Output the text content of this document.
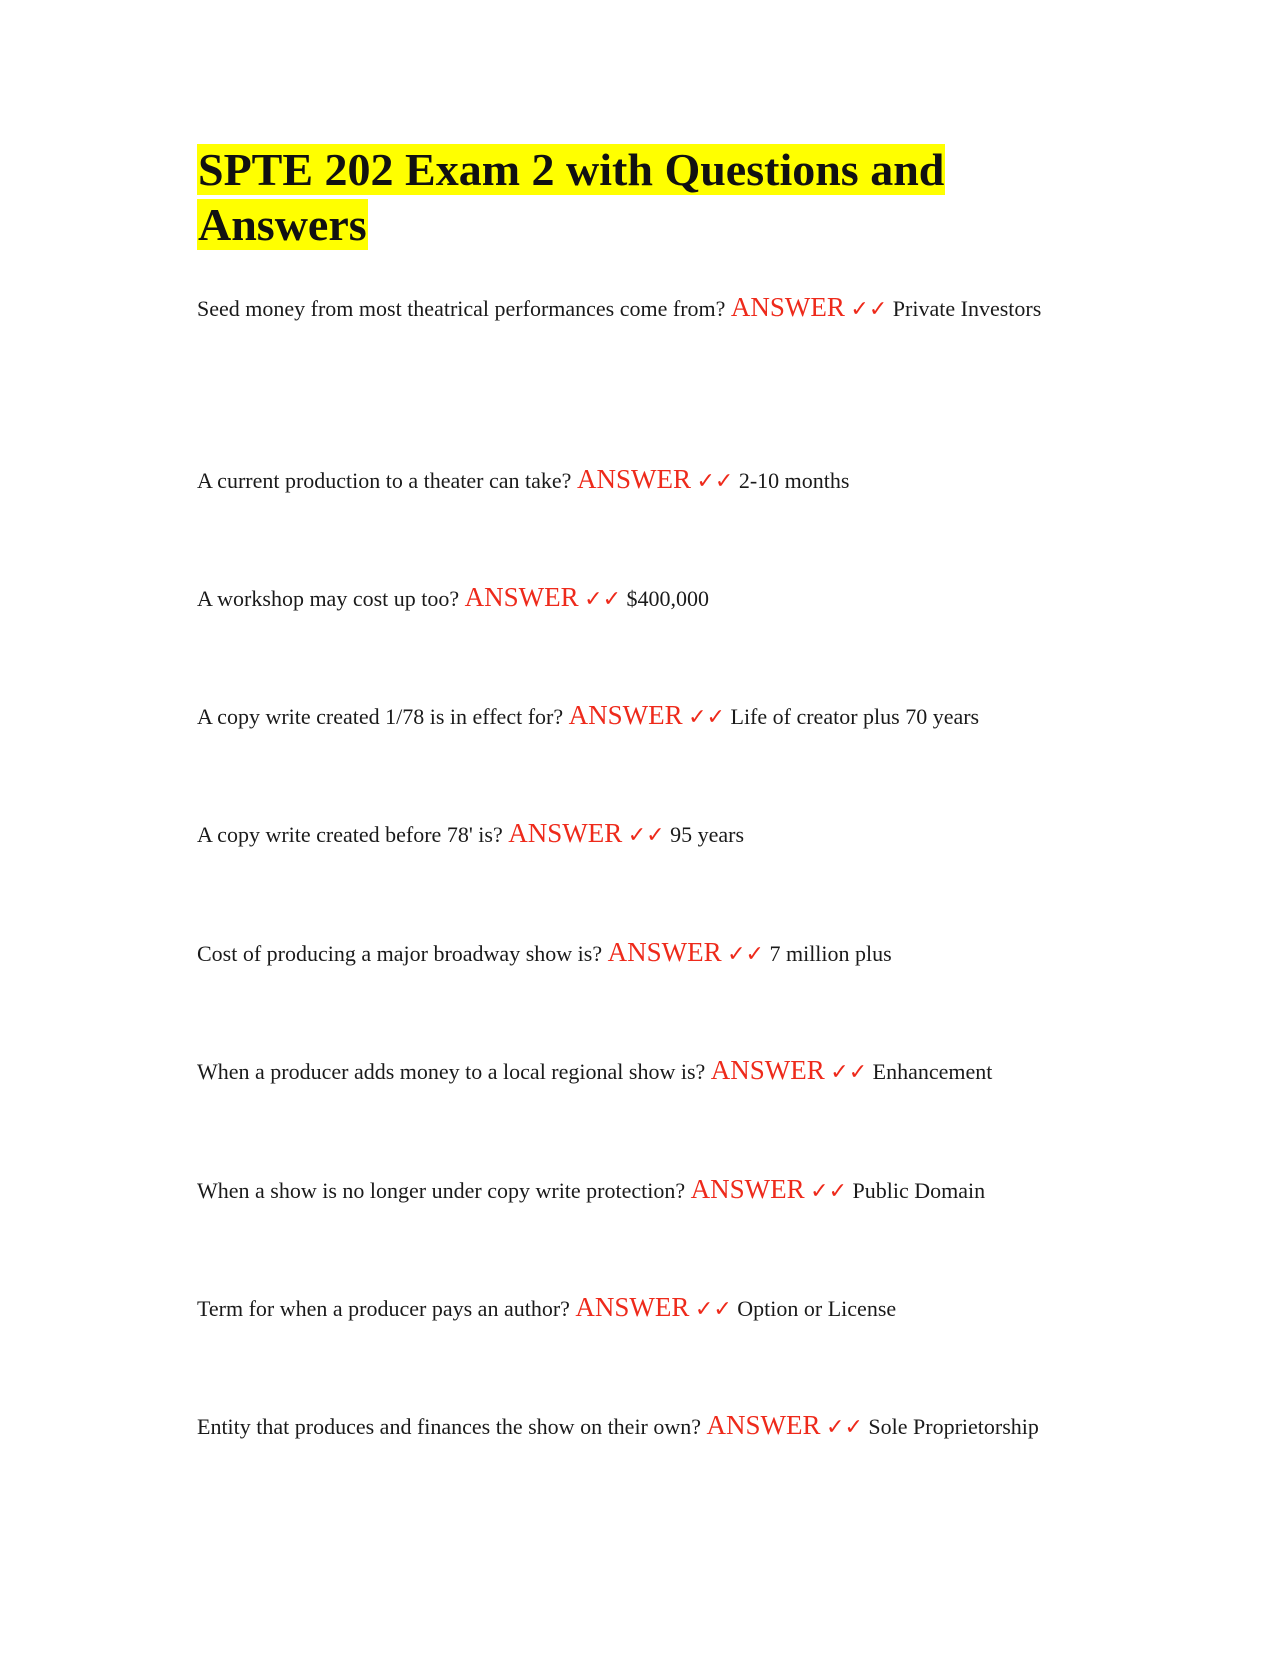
SPTE 202 Exam 2 with Questions and Answers

Seed money from most theatrical performances come from? ANSWER ✓✓ Private Investors

A current production to a theater can take? ANSWER ✓✓ 2-10 months

A workshop may cost up too? ANSWER ✓✓ $400,000

A copy write created 1/78 is in effect for? ANSWER ✓✓ Life of creator plus 70 years

A copy write created before 78' is? ANSWER ✓✓ 95 years

Cost of producing a major broadway show is? ANSWER ✓✓ 7 million plus

When a producer adds money to a local regional show is? ANSWER ✓✓ Enhancement

When a show is no longer under copy write protection? ANSWER ✓✓ Public Domain

Term for when a producer pays an author? ANSWER ✓✓ Option or License

Entity that produces and finances the show on their own? ANSWER ✓✓ Sole Proprietorship
